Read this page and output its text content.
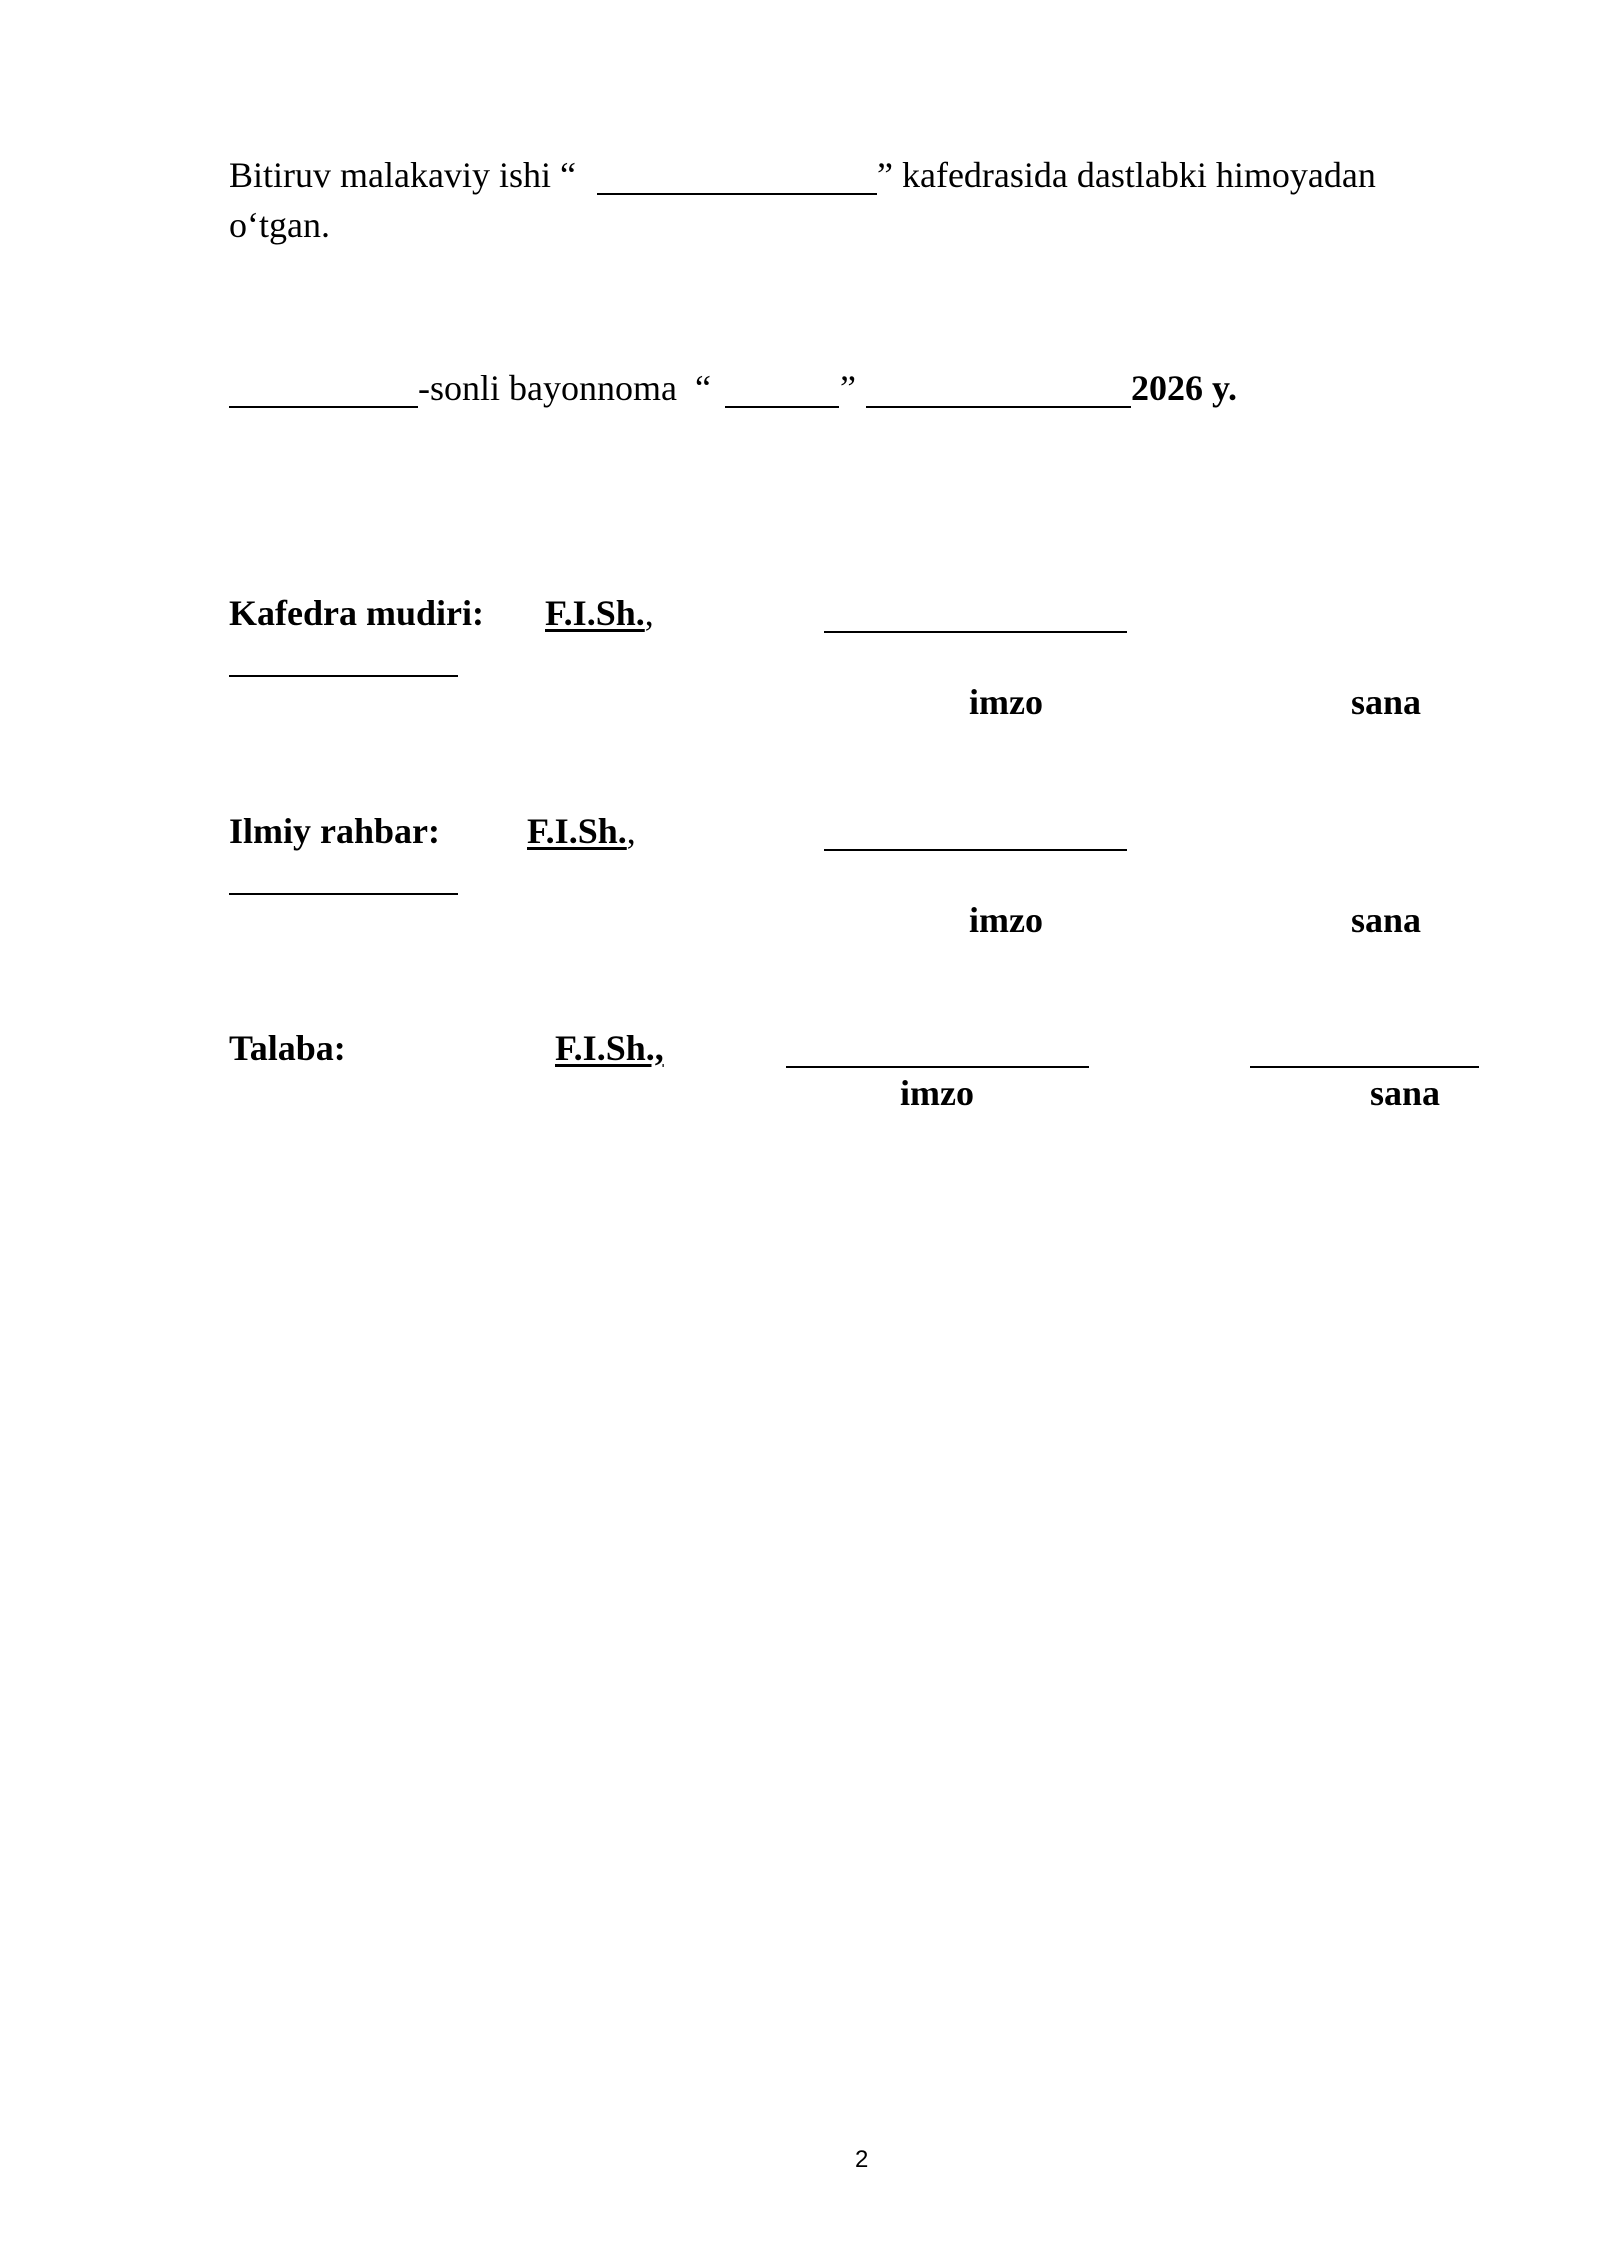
Bitiruv malakaviy ishi “	” kafedrasida dastlabki himoyadan
o‘tgan.
-sonli bayonnoma  “	”	2026 y.
Kafedra mudiri: F.I.Sh.,
imzo	sana
Ilmiy rahbar: F.I.Sh.,
imzo	sana
Talaba:	F.I.Sh.,
imzo	sana
2
